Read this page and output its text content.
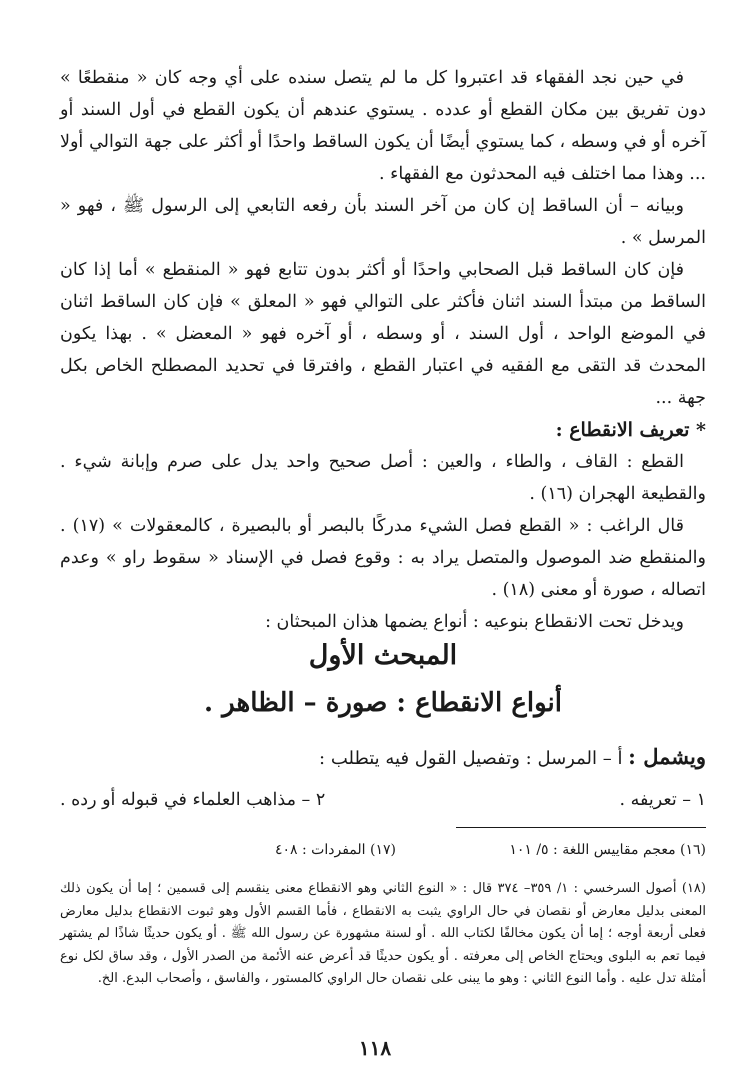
في حين نجد الفقهاء قد اعتبروا كل ما لم يتصل سنده على أي وجه كان « منقطعًا » دون تفريق بين مكان القطع أو عدده . يستوي عندهم أن يكون القطع في أول السند أو آخره أو في وسطه ، كما يستوي أيضًا أن يكون الساقط واحدًا أو أكثر على جهة التوالي أولا ... وهذا مما اختلف فيه المحدثون مع الفقهاء .

وبيانه – أن الساقط إن كان من آخر السند بأن رفعه التابعي إلى الرسول ﷺ ، فهو « المرسل » .

فإن كان الساقط قبل الصحابي واحدًا أو أكثر بدون تتابع فهو « المنقطع » أما إذا كان الساقط من مبتدأ السند اثنان فأكثر على التوالي فهو « المعلق » فإن كان الساقط اثنان في الموضع الواحد ، أول السند ، أو وسطه ، أو آخره فهو « المعضل » . بهذا يكون المحدث قد التقى مع الفقيه في اعتبار القطع ، وافترقا في تحديد المصطلح الخاص بكل جهة ...

* تعريف الانقطاع :

القطع : القاف ، والطاء ، والعين : أصل صحيح واحد يدل على صرم وإبانة شيء . والقطيعة الهجران (١٦) .

قال الراغب : « القطع فصل الشيء مدركًا بالبصر أو بالبصيرة ، كالمعقولات » (١٧) . والمنقطع ضد الموصول والمتصل يراد به : وقوع فصل في الإسناد « سقوط راو » وعدم اتصاله ، صورة أو معنى (١٨) .

ويدخل تحت الانقطاع بنوعيه : أنواع يضمها هذان المبحثان :

المبحث الأول
أنواع الانقطاع : صورة – الظاهر .
ويشمل : أ – المرسل : وتفصيل القول فيه يتطلب :
١ – تعريفه .
٢ – مذاهب العلماء في قبوله أو رده .
(١٦) معجم مقاييس اللغة : ٥/ ١٠١
(١٧) المفردات : ٤٠٨
(١٨) أصول السرخسي : ١/ ٣٥٩– ٣٧٤ قال : « النوع الثاني وهو الانقطاع معنى ينقسم إلى قسمين ؛ إما أن يكون ذلك المعنى بدليل معارض أو نقصان في حال الراوي يثبت به الانقطاع ، فأما القسم الأول وهو ثبوت الانقطاع بدليل معارض فعلى أربعة أوجه ؛ إما أن يكون مخالفًا لكتاب الله . أو لسنة مشهورة عن رسول الله ﷺ . أو يكون حديثًا شاذًا لم يشتهر فيما تعم به البلوى ويحتاج الخاص إلى معرفته . أو يكون حديثًا قد أعرض عنه الأئمة من الصدر الأول ، وقد ساق لكل نوع أمثلة تدل عليه . وأما النوع الثاني : وهو ما يبنى على نقصان حال الراوي كالمستور ، والفاسق ، وأصحاب البدع. الخ.
١١٨
